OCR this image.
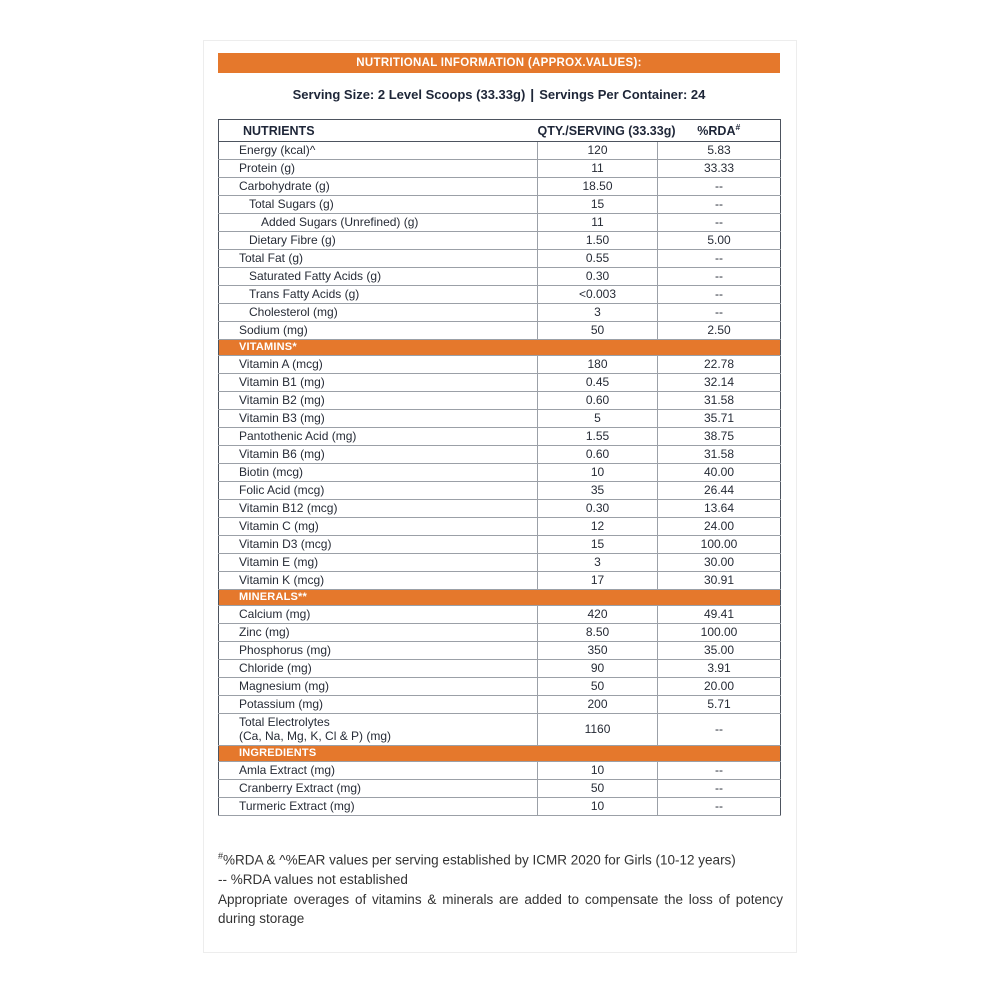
NUTRITIONAL INFORMATION (APPROX.VALUES):
Serving Size: 2 Level Scoops (33.33g) | Servings Per Container: 24
NUTRIENTS	QTY./SERVING (33.33g)	%RDA#
Energy (kcal)^	120	5.83
Protein (g)	11	33.33
Carbohydrate (g)	18.50	--
Total Sugars (g)	15	--
Added Sugars (Unrefined) (g)	11	--
Dietary Fibre (g)	1.50	5.00
Total Fat (g)	0.55	--
Saturated Fatty Acids (g)	0.30	--
Trans Fatty Acids (g)	<0.003	--
Cholesterol (mg)	3	--
Sodium (mg)	50	2.50
VITAMINS*		
Vitamin A (mcg)	180	22.78
Vitamin B1 (mg)	0.45	32.14
Vitamin B2 (mg)	0.60	31.58
Vitamin B3 (mg)	5	35.71
Pantothenic Acid (mg)	1.55	38.75
Vitamin B6 (mg)	0.60	31.58
Biotin (mcg)	10	40.00
Folic Acid (mcg)	35	26.44
Vitamin B12 (mcg)	0.30	13.64
Vitamin C (mg)	12	24.00
Vitamin D3 (mcg)	15	100.00
Vitamin E (mg)	3	30.00
Vitamin K (mcg)	17	30.91
MINERALS**		
Calcium (mg)	420	49.41
Zinc (mg)	8.50	100.00
Phosphorus (mg)	350	35.00
Chloride (mg)	90	3.91
Magnesium (mg)	50	20.00
Potassium (mg)	200	5.71

Total Electrolytes
(Ca, Na, Mg, K, Cl & P) (mg)	1160	--
INGREDIENTS		
Amla Extract (mg)	10	--
Cranberry Extract (mg)	50	--
Turmeric Extract (mg)	10	--

#%RDA & ^%EAR values per serving established by ICMR 2020 for Girls (10-12 years)

-- %RDA values not established

Appropriate overages of vitamins & minerals are added to compensate the loss of potency during storage
